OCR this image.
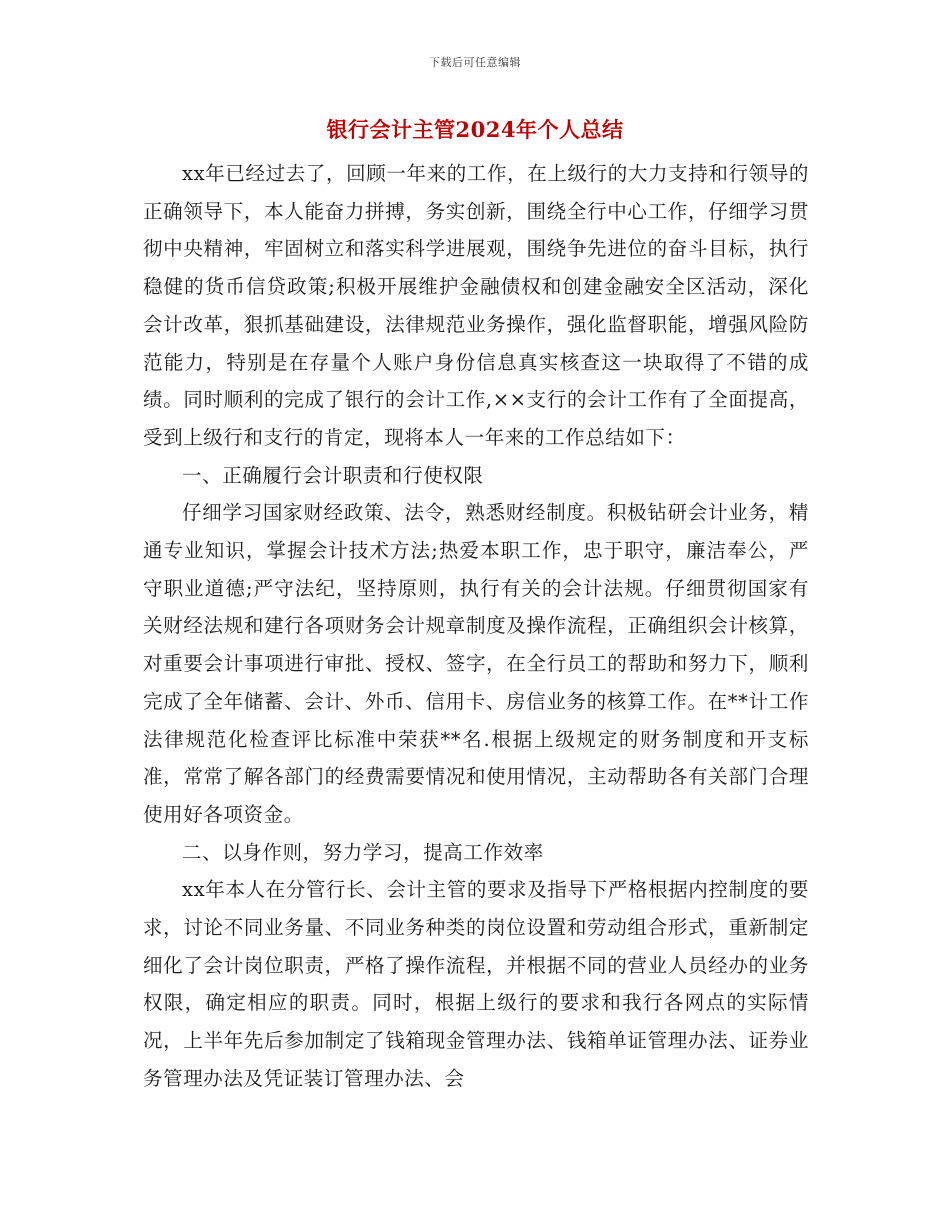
下载后可任意编辑
银行会计主管2024年个人总结

xx年已经过去了，回顾一年来的工作，在上级行的大力支持和行领导的正确领导下，本人能奋力拼搏，务实创新，围绕全行中心工作，仔细学习贯彻中央精神，牢固树立和落实科学进展观，围绕争先进位的奋斗目标，执行稳健的货币信贷政策;积极开展维护金融债权和创建金融安全区活动，深化会计改革，狠抓基础建设，法律规范业务操作，强化监督职能，增强风险防范能力，特别是在存量个人账户身份信息真实核查这一块取得了不错的成绩。同时顺利的完成了银行的会计工作,××支行的会计工作有了全面提高，受到上级行和支行的肯定，现将本人一年来的工作总结如下：

一、正确履行会计职责和行使权限

仔细学习国家财经政策、法令，熟悉财经制度。积极钻研会计业务，精通专业知识，掌握会计技术方法;热爱本职工作，忠于职守，廉洁奉公，严守职业道德;严守法纪，坚持原则，执行有关的会计法规。仔细贯彻国家有关财经法规和建行各项财务会计规章制度及操作流程，正确组织会计核算，对重要会计事项进行审批、授权、签字，在全行员工的帮助和努力下，顺利完成了全年储蓄、会计、外币、信用卡、房信业务的核算工作。在**计工作法律规范化检查评比标准中荣获**名.根据上级规定的财务制度和开支标准，常常了解各部门的经费需要情况和使用情况，主动帮助各有关部门合理使用好各项资金。

二、以身作则，努力学习，提高工作效率

xx年本人在分管行长、会计主管的要求及指导下严格根据内控制度的要求，讨论不同业务量、不同业务种类的岗位设置和劳动组合形式，重新制定细化了会计岗位职责，严格了操作流程，并根据不同的营业人员经办的业务权限，确定相应的职责。同时，根据上级行的要求和我行各网点的实际情况，上半年先后参加制定了钱箱现金管理办法、钱箱单证管理办法、证券业务管理办法及凭证装订管理办法、会
